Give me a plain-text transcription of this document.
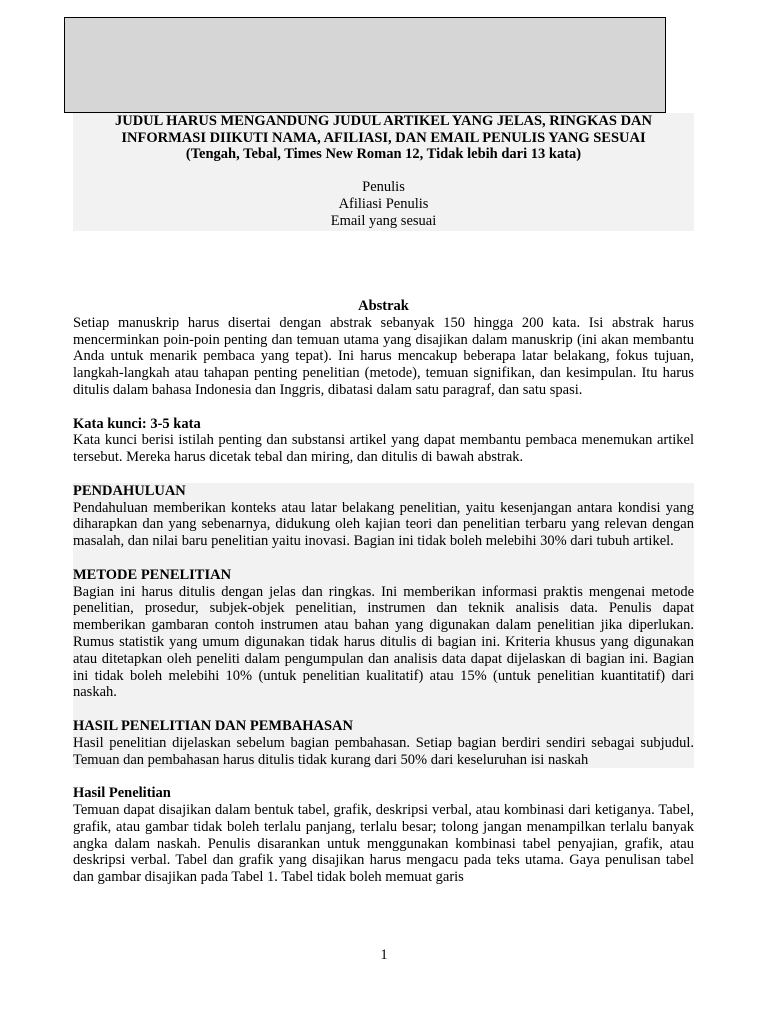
JUDUL HARUS MENGANDUNG JUDUL ARTIKEL YANG JELAS, RINGKAS DAN
INFORMASI DIIKUTI NAMA, AFILIASI, DAN EMAIL PENULIS YANG SESUAI
(Tengah, Tebal, Times New Roman 12, Tidak lebih dari 13 kata)
Penulis
Afiliasi Penulis
Email yang sesuai
Abstrak

Setiap manuskrip harus disertai dengan abstrak sebanyak 150 hingga 200 kata. Isi abstrak harus mencerminkan poin-poin penting dan temuan utama yang disajikan dalam manuskrip (ini akan membantu Anda untuk menarik pembaca yang tepat). Ini harus mencakup beberapa latar belakang, fokus tujuan, langkah-langkah atau tahapan penting penelitian (metode), temuan signifikan, dan kesimpulan. Itu harus ditulis dalam bahasa Indonesia dan Inggris, dibatasi dalam satu paragraf, dan satu spasi.

Kata kunci: 3-5 kata

Kata kunci berisi istilah penting dan substansi artikel yang dapat membantu pembaca menemukan artikel tersebut. Mereka harus dicetak tebal dan miring, dan ditulis di bawah abstrak.

PENDAHULUAN

Pendahuluan memberikan konteks atau latar belakang penelitian, yaitu kesenjangan antara kondisi yang diharapkan dan yang sebenarnya, didukung oleh kajian teori dan penelitian terbaru yang relevan dengan masalah, dan nilai baru penelitian yaitu inovasi. Bagian ini tidak boleh melebihi 30% dari tubuh artikel.

METODE PENELITIAN

Bagian ini harus ditulis dengan jelas dan ringkas. Ini memberikan informasi praktis mengenai metode penelitian, prosedur, subjek-objek penelitian, instrumen dan teknik analisis data. Penulis dapat memberikan gambaran contoh instrumen atau bahan yang digunakan dalam penelitian jika diperlukan. Rumus statistik yang umum digunakan tidak harus ditulis di bagian ini. Kriteria khusus yang digunakan atau ditetapkan oleh peneliti dalam pengumpulan dan analisis data dapat dijelaskan di bagian ini. Bagian ini tidak boleh melebihi 10% (untuk penelitian kualitatif) atau 15% (untuk penelitian kuantitatif) dari naskah.

HASIL PENELITIAN DAN PEMBAHASAN

Hasil penelitian dijelaskan sebelum bagian pembahasan. Setiap bagian berdiri sendiri sebagai subjudul. Temuan dan pembahasan harus ditulis tidak kurang dari 50% dari keseluruhan isi naskah

Hasil Penelitian

Temuan dapat disajikan dalam bentuk tabel, grafik, deskripsi verbal, atau kombinasi dari ketiganya. Tabel, grafik, atau gambar tidak boleh terlalu panjang, terlalu besar; tolong jangan menampilkan terlalu banyak angka dalam naskah. Penulis disarankan untuk menggunakan kombinasi tabel penyajian, grafik, atau deskripsi verbal. Tabel dan grafik yang disajikan harus mengacu pada teks utama. Gaya penulisan tabel dan gambar disajikan pada Tabel 1. Tabel tidak boleh memuat garis

1
